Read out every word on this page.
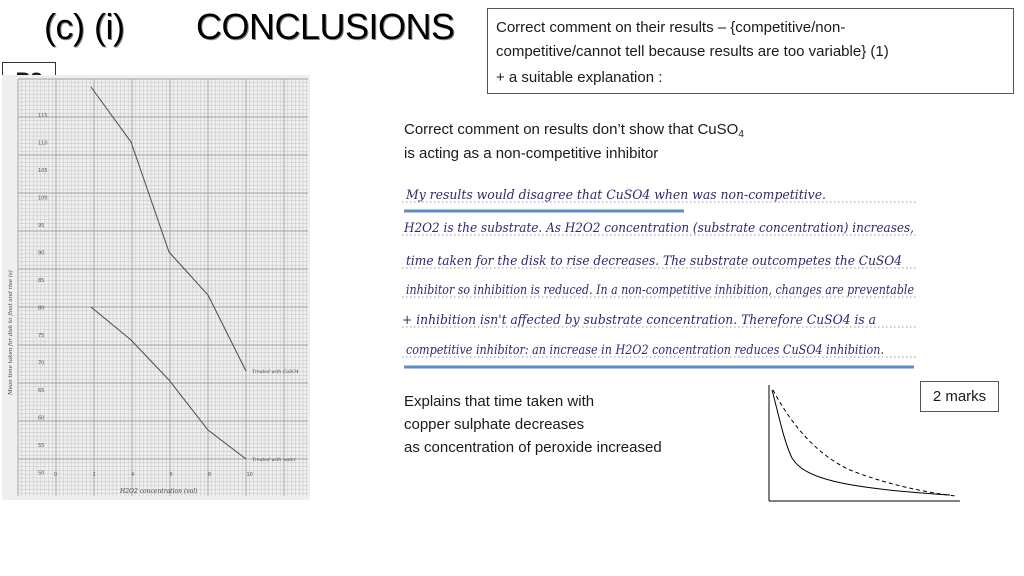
(c) (i) CONCLUSIONS	Correct comment on their results – {competitive/non-
competitive/cannot tell because results are too variable} (1)
+ a suitable explanation :
Correct comment on results don’t show that CuSO$_4$
is acting as a non-competitive inhibitor
My results would disagree that CuSO4 when was non-competitive.
H2O2 is the substrate. As H2O2 concentration (substrate concentration) increases,
time taken for the disk to rise decreases. The substrate outcompetes the CuSO4
inhibitor so inhibition is reduced. In a non-competitive inhibition, changes are preventable
+ inhibition isn't affected by substrate concentration. Therefore CuSO4 is a
competitive inhibitor: an increase in H2O2 concentration reduces CuSO4 inhibition.
115
110
105
100
95
90
85
80
75
70
65
60
55
50 0	2	4	6	8	10
Treated with CuSO4
Treated with water
H2O2 concentration (vol)
Mean time taken for disk to float and rise (s)
Explains that time taken with
copper sulphate decreases
as concentration of peroxide increased
2 marks
